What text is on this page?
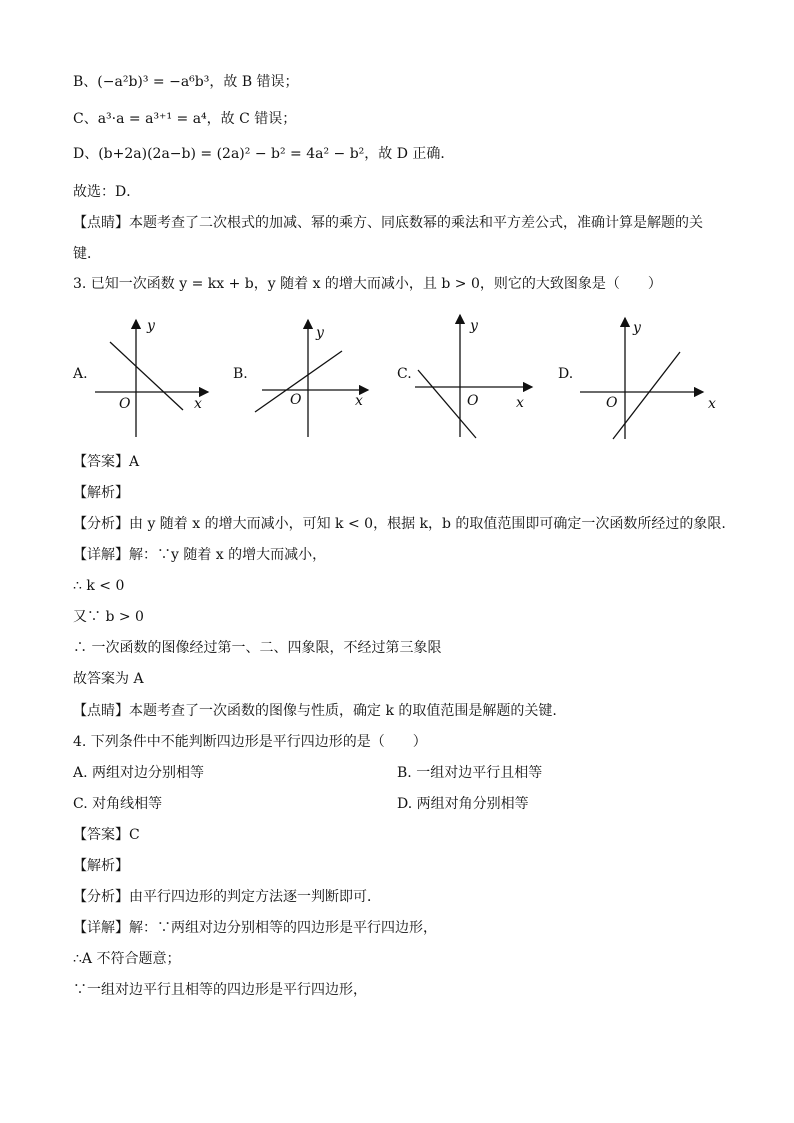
B、(−a²b)³ = −a⁶b³，故 B 错误；
C、a³·a = a³⁺¹ = a⁴，故 C 错误；
D、(b+2a)(2a−b) = (2a)² − b² = 4a² − b²，故 D 正确．
故选：D．
【点睛】本题考查了二次根式的加减、幂的乘方、同底数幂的乘法和平方差公式，准确计算是解题的关
键．
3. 已知一次函数 y = kx + b，y 随着 x 的增大而减小，且 b > 0，则它的大致图象是（　　）
A.
y
O	x
B.
y
O	x
C.
y
O	x
D.
y
O	x
【答案】A
【解析】
【分析】由 y 随着 x 的增大而减小，可知 k < 0，根据 k，b 的取值范围即可确定一次函数所经过的象限.
【详解】解：∵y 随着 x 的增大而减小，
∴ k < 0
又∵ b > 0
∴ 一次函数的图像经过第一、二、四象限，不经过第三象限
故答案为 A
【点睛】本题考查了一次函数的图像与性质，确定 k 的取值范围是解题的关键.
4. 下列条件中不能判断四边形是平行四边形的是（　　）
A. 两组对边分别相等	B. 一组对边平行且相等
C. 对角线相等	D. 两组对角分别相等
【答案】C
【解析】
【分析】由平行四边形的判定方法逐一判断即可．
【详解】解：∵两组对边分别相等的四边形是平行四边形，
∴A 不符合题意；
∵一组对边平行且相等的四边形是平行四边形，
